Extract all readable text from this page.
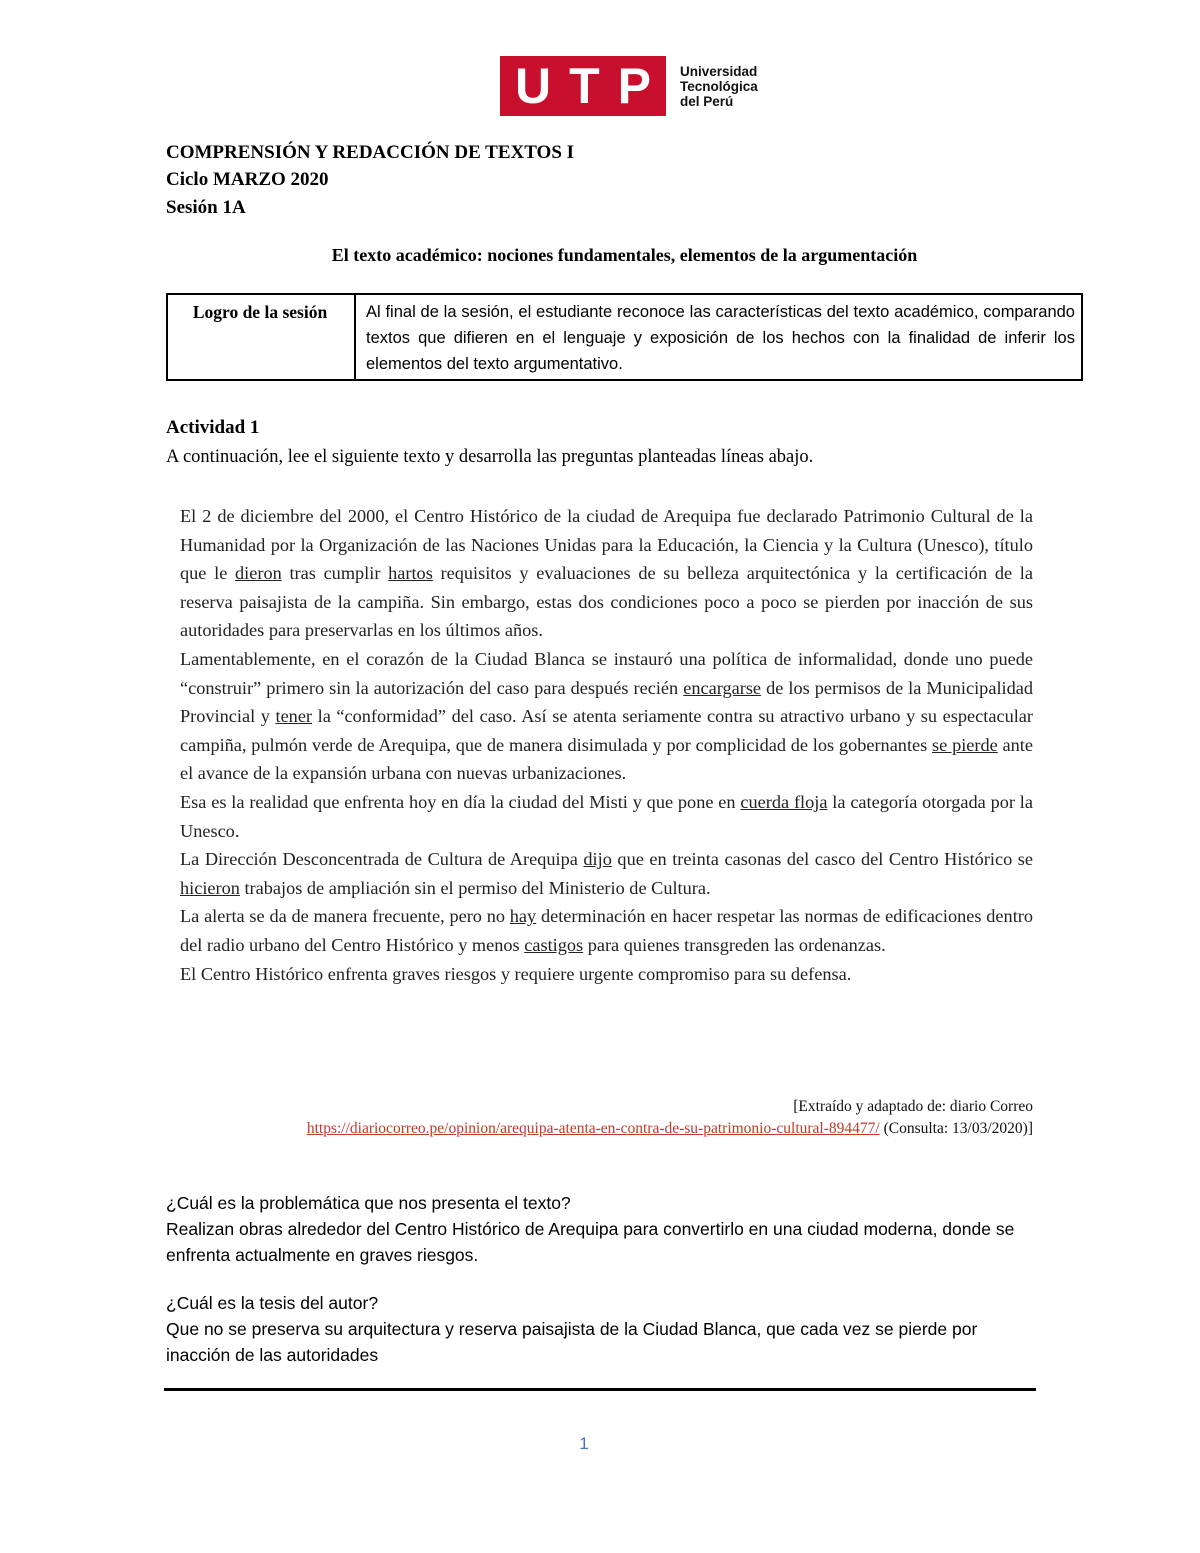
U T P Universidad
Tecnológica
del Perú
COMPRENSIÓN Y REDACCIÓN DE TEXTOS I
Ciclo MARZO 2020
Sesión 1A
El texto académico: nociones fundamentales, elementos de la argumentación
Logro de la sesión	Al final de la sesión, el estudiante reconoce las características del texto académico, comparando textos que difieren en el lenguaje y exposición de los hechos con la finalidad de inferir los elementos del texto argumentativo.
Actividad 1
A continuación, lee el siguiente texto y desarrolla las preguntas planteadas líneas abajo.

El 2 de diciembre del 2000, el Centro Histórico de la ciudad de Arequipa fue declarado Patrimonio Cultural de la Humanidad por la Organización de las Naciones Unidas para la Educación, la Ciencia y la Cultura (Unesco), título que le dieron tras cumplir hartos requisitos y evaluaciones de su belleza arquitectónica y la certificación de la reserva paisajista de la campiña. Sin embargo, estas dos condiciones poco a poco se pierden por inacción de sus autoridades para preservarlas en los últimos años.

Lamentablemente, en el corazón de la Ciudad Blanca se instauró una política de informalidad, donde uno puede “construir” primero sin la autorización del caso para después recién encargarse de los permisos de la Municipalidad Provincial y tener la “conformidad” del caso. Así se atenta seriamente contra su atractivo urbano y su espectacular campiña, pulmón verde de Arequipa, que de manera disimulada y por complicidad de los gobernantes se pierde ante el avance de la expansión urbana con nuevas urbanizaciones.

Esa es la realidad que enfrenta hoy en día la ciudad del Misti y que pone en cuerda floja la categoría otorgada por la Unesco.

La Dirección Desconcentrada de Cultura de Arequipa dijo que en treinta casonas del casco del Centro Histórico se hicieron trabajos de ampliación sin el permiso del Ministerio de Cultura.

La alerta se da de manera frecuente, pero no hay determinación en hacer respetar las normas de edificaciones dentro del radio urbano del Centro Histórico y menos castigos para quienes transgreden las ordenanzas.

El Centro Histórico enfrenta graves riesgos y requiere urgente compromiso para su defensa.

[Extraído y adaptado de: diario Correo
https://diariocorreo.pe/opinion/arequipa-atenta-en-contra-de-su-patrimonio-cultural-894477/ (Consulta: 13/03/2020)]
¿Cuál es la problemática que nos presenta el texto?
Realizan obras alrededor del Centro Histórico de Arequipa para convertirlo en una ciudad moderna, donde se enfrenta actualmente en graves riesgos.
¿Cuál es la tesis del autor?
Que no se preserva su arquitectura y reserva paisajista de la Ciudad Blanca, que cada vez se pierde por inacción de las autoridades
1
